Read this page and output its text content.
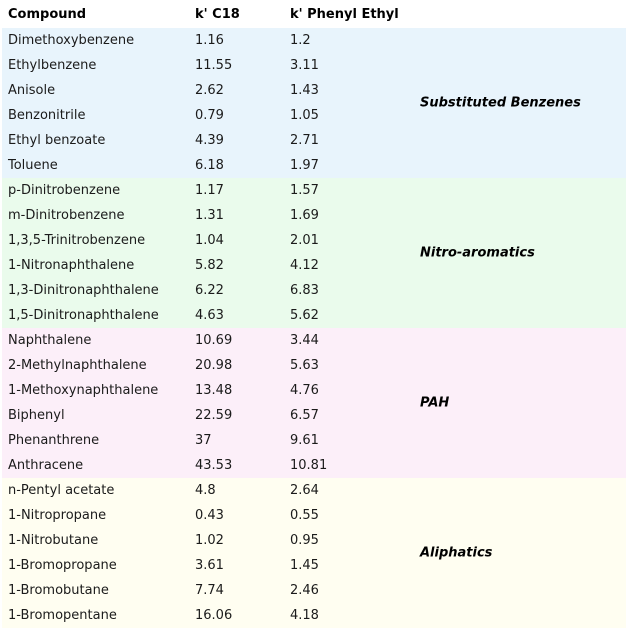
Compound	k' C18	k' Phenyl Ethyl
Dimethoxybenzene	1.16	1.2
Ethylbenzene	11.55	3.11
Anisole	2.62	1.43
Benzonitrile	0.79	1.05
Ethyl benzoate	4.39	2.71
Toluene	6.18	1.97
Substituted Benzenes
p-Dinitrobenzene	1.17	1.57
m-Dinitrobenzene	1.31	1.69
1,3,5-Trinitrobenzene	1.04	2.01
1-Nitronaphthalene	5.82	4.12
1,3-Dinitronaphthalene	6.22	6.83
1,5-Dinitronaphthalene	4.63	5.62
Nitro-aromatics
Naphthalene	10.69	3.44
2-Methylnaphthalene	20.98	5.63
1-Methoxynaphthalene	13.48	4.76
Biphenyl	22.59	6.57
Phenanthrene	37	9.61
Anthracene	43.53	10.81
PAH
n-Pentyl acetate	4.8	2.64
1-Nitropropane	0.43	0.55
1-Nitrobutane	1.02	0.95
1-Bromopropane	3.61	1.45
1-Bromobutane	7.74	2.46
1-Bromopentane	16.06	4.18
Aliphatics
